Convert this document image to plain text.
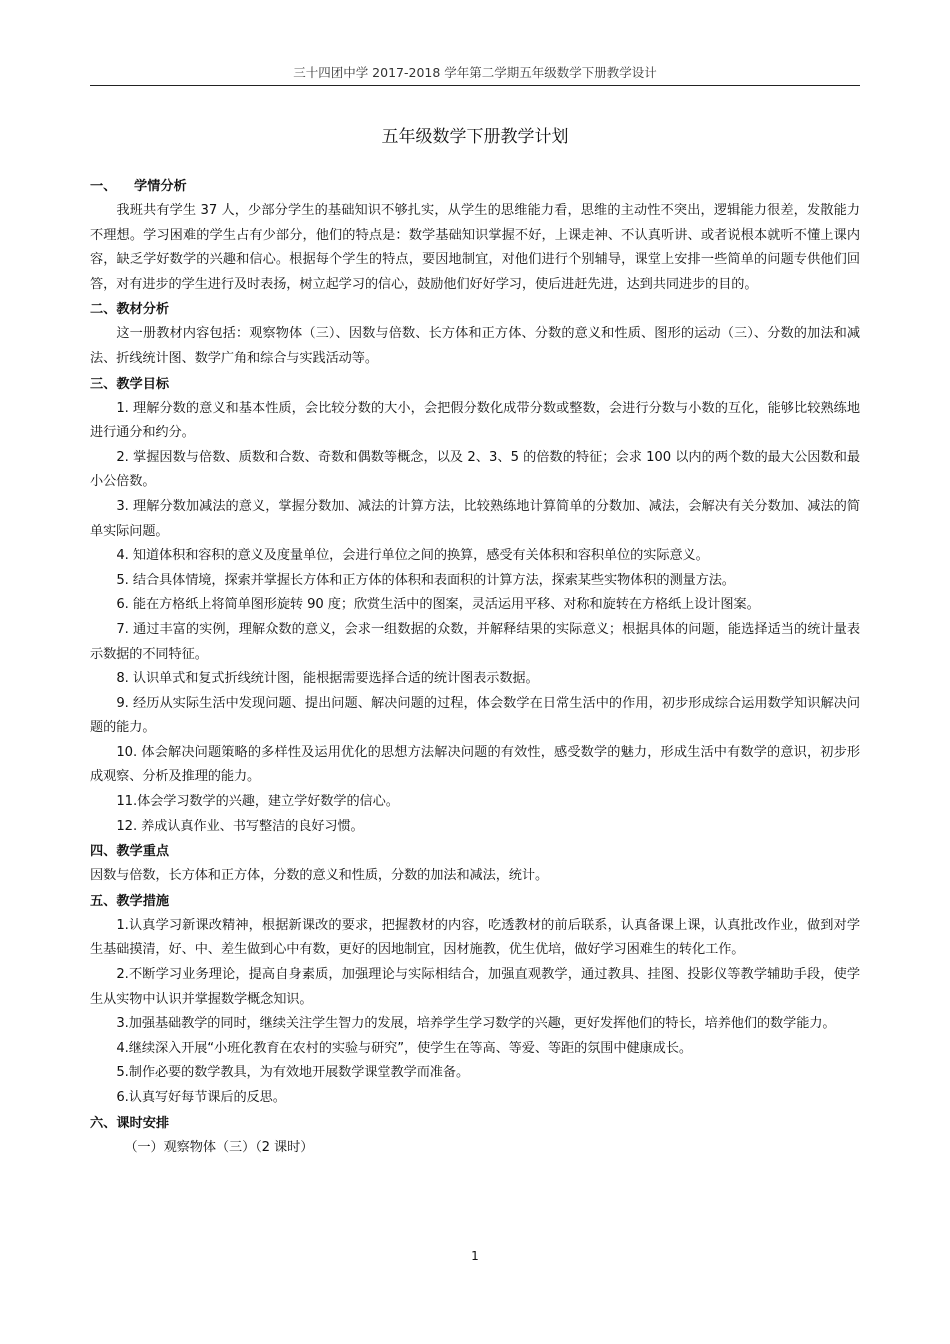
三十四团中学 2017-2018 学年第二学期五年级数学下册教学设计
五年级数学下册教学计划
一、 学情分析

我班共有学生 37 人，少部分学生的基础知识不够扎实，从学生的思维能力看，思维的主动性不突出，逻辑能力很差，发散能力不理想。学习困难的学生占有少部分，他们的特点是：数学基础知识掌握不好，上课走神、不认真听讲、或者说根本就听不懂上课内容，缺乏学好数学的兴趣和信心。根据每个学生的特点，要因地制宜，对他们进行个别辅导，课堂上安排一些简单的问题专供他们回答，对有进步的学生进行及时表扬，树立起学习的信心，鼓励他们好好学习，使后进赶先进，达到共同进步的目的。

二、教材分析

这一册教材内容包括：观察物体（三）、因数与倍数、长方体和正方体、分数的意义和性质、图形的运动（三）、分数的加法和减法、折线统计图、数学广角和综合与实践活动等。

三、教学目标

1. 理解分数的意义和基本性质，会比较分数的大小，会把假分数化成带分数或整数，会进行分数与小数的互化，能够比较熟练地进行通分和约分。

2. 掌握因数与倍数、质数和合数、奇数和偶数等概念，以及 2、3、5 的倍数的特征；会求 100 以内的两个数的最大公因数和最小公倍数。

3. 理解分数加减法的意义，掌握分数加、减法的计算方法，比较熟练地计算简单的分数加、减法，会解决有关分数加、减法的简单实际问题。

4. 知道体积和容积的意义及度量单位，会进行单位之间的换算，感受有关体积和容积单位的实际意义。

5. 结合具体情境，探索并掌握长方体和正方体的体积和表面积的计算方法，探索某些实物体积的测量方法。

6. 能在方格纸上将简单图形旋转 90 度；欣赏生活中的图案，灵活运用平移、对称和旋转在方格纸上设计图案。

7. 通过丰富的实例，理解众数的意义，会求一组数据的众数，并解释结果的实际意义；根据具体的问题，能选择适当的统计量表示数据的不同特征。

8. 认识单式和复式折线统计图，能根据需要选择合适的统计图表示数据。

9. 经历从实际生活中发现问题、提出问题、解决问题的过程，体会数学在日常生活中的作用，初步形成综合运用数学知识解决问题的能力。

10. 体会解决问题策略的多样性及运用优化的思想方法解决问题的有效性，感受数学的魅力，形成生活中有数学的意识，初步形成观察、分析及推理的能力。

11.体会学习数学的兴趣，建立学好数学的信心。

12. 养成认真作业、书写整洁的良好习惯。

四、教学重点

因数与倍数，长方体和正方体，分数的意义和性质，分数的加法和减法，统计。

五、教学措施

1.认真学习新课改精神，根据新课改的要求，把握教材的内容，吃透教材的前后联系，认真备课上课，认真批改作业，做到对学生基础摸清，好、中、差生做到心中有数，更好的因地制宜，因材施教，优生优培，做好学习困难生的转化工作。

2.不断学习业务理论，提高自身素质，加强理论与实际相结合，加强直观教学，通过教具、挂图、投影仪等教学辅助手段，使学生从实物中认识并掌握数学概念知识。

3.加强基础教学的同时，继续关注学生智力的发展，培养学生学习数学的兴趣，更好发挥他们的特长，培养他们的数学能力。

4.继续深入开展“小班化教育在农村的实验与研究”，使学生在等高、等爱、等距的氛围中健康成长。

5.制作必要的数学教具，为有效地开展数学课堂教学而准备。

6.认真写好每节课后的反思。

六、课时安排

（一）观察物体（三）（2 课时）

1
